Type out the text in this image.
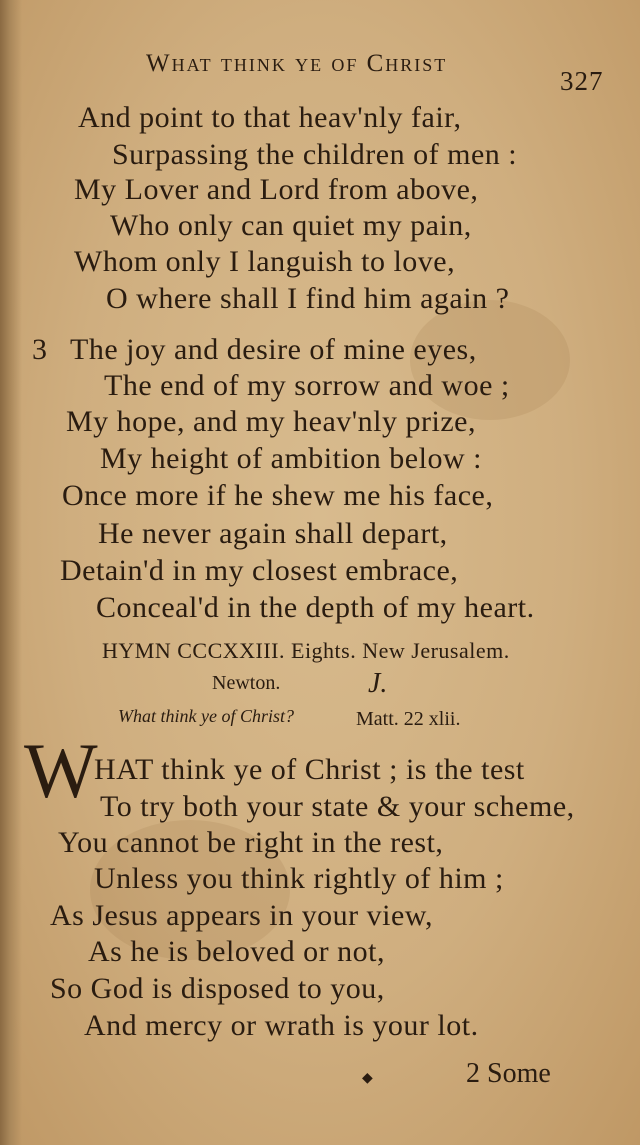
What think ye of Christ
327
And point to that heav'nly fair,
Surpassing the children of men :
My Lover and Lord from above,
Who only can quiet my pain,
Whom only I languish to love,
O where shall I find him again ?
3 The joy and desire of mine eyes,
The end of my sorrow and woe ;
My hope, and my heav'nly prize,
My height of ambition below :
Once more if he shew me his face,
He never again shall depart,
Detain'd in my closest embrace,
Conceal'd in the depth of my heart.
HYMN CCCXXIII. Eights. New Jerusalem.
Newton.	J.
What think ye of Christ?	Matt. 22 xlii.
W
HAT think ye of Christ ; is the test
To try both your state & your scheme,
You cannot be right in the rest,
Unless you think rightly of him ;
As Jesus appears in your view,
As he is beloved or not,
So God is disposed to you,
And mercy or wrath is your lot.
◆	2 Some
